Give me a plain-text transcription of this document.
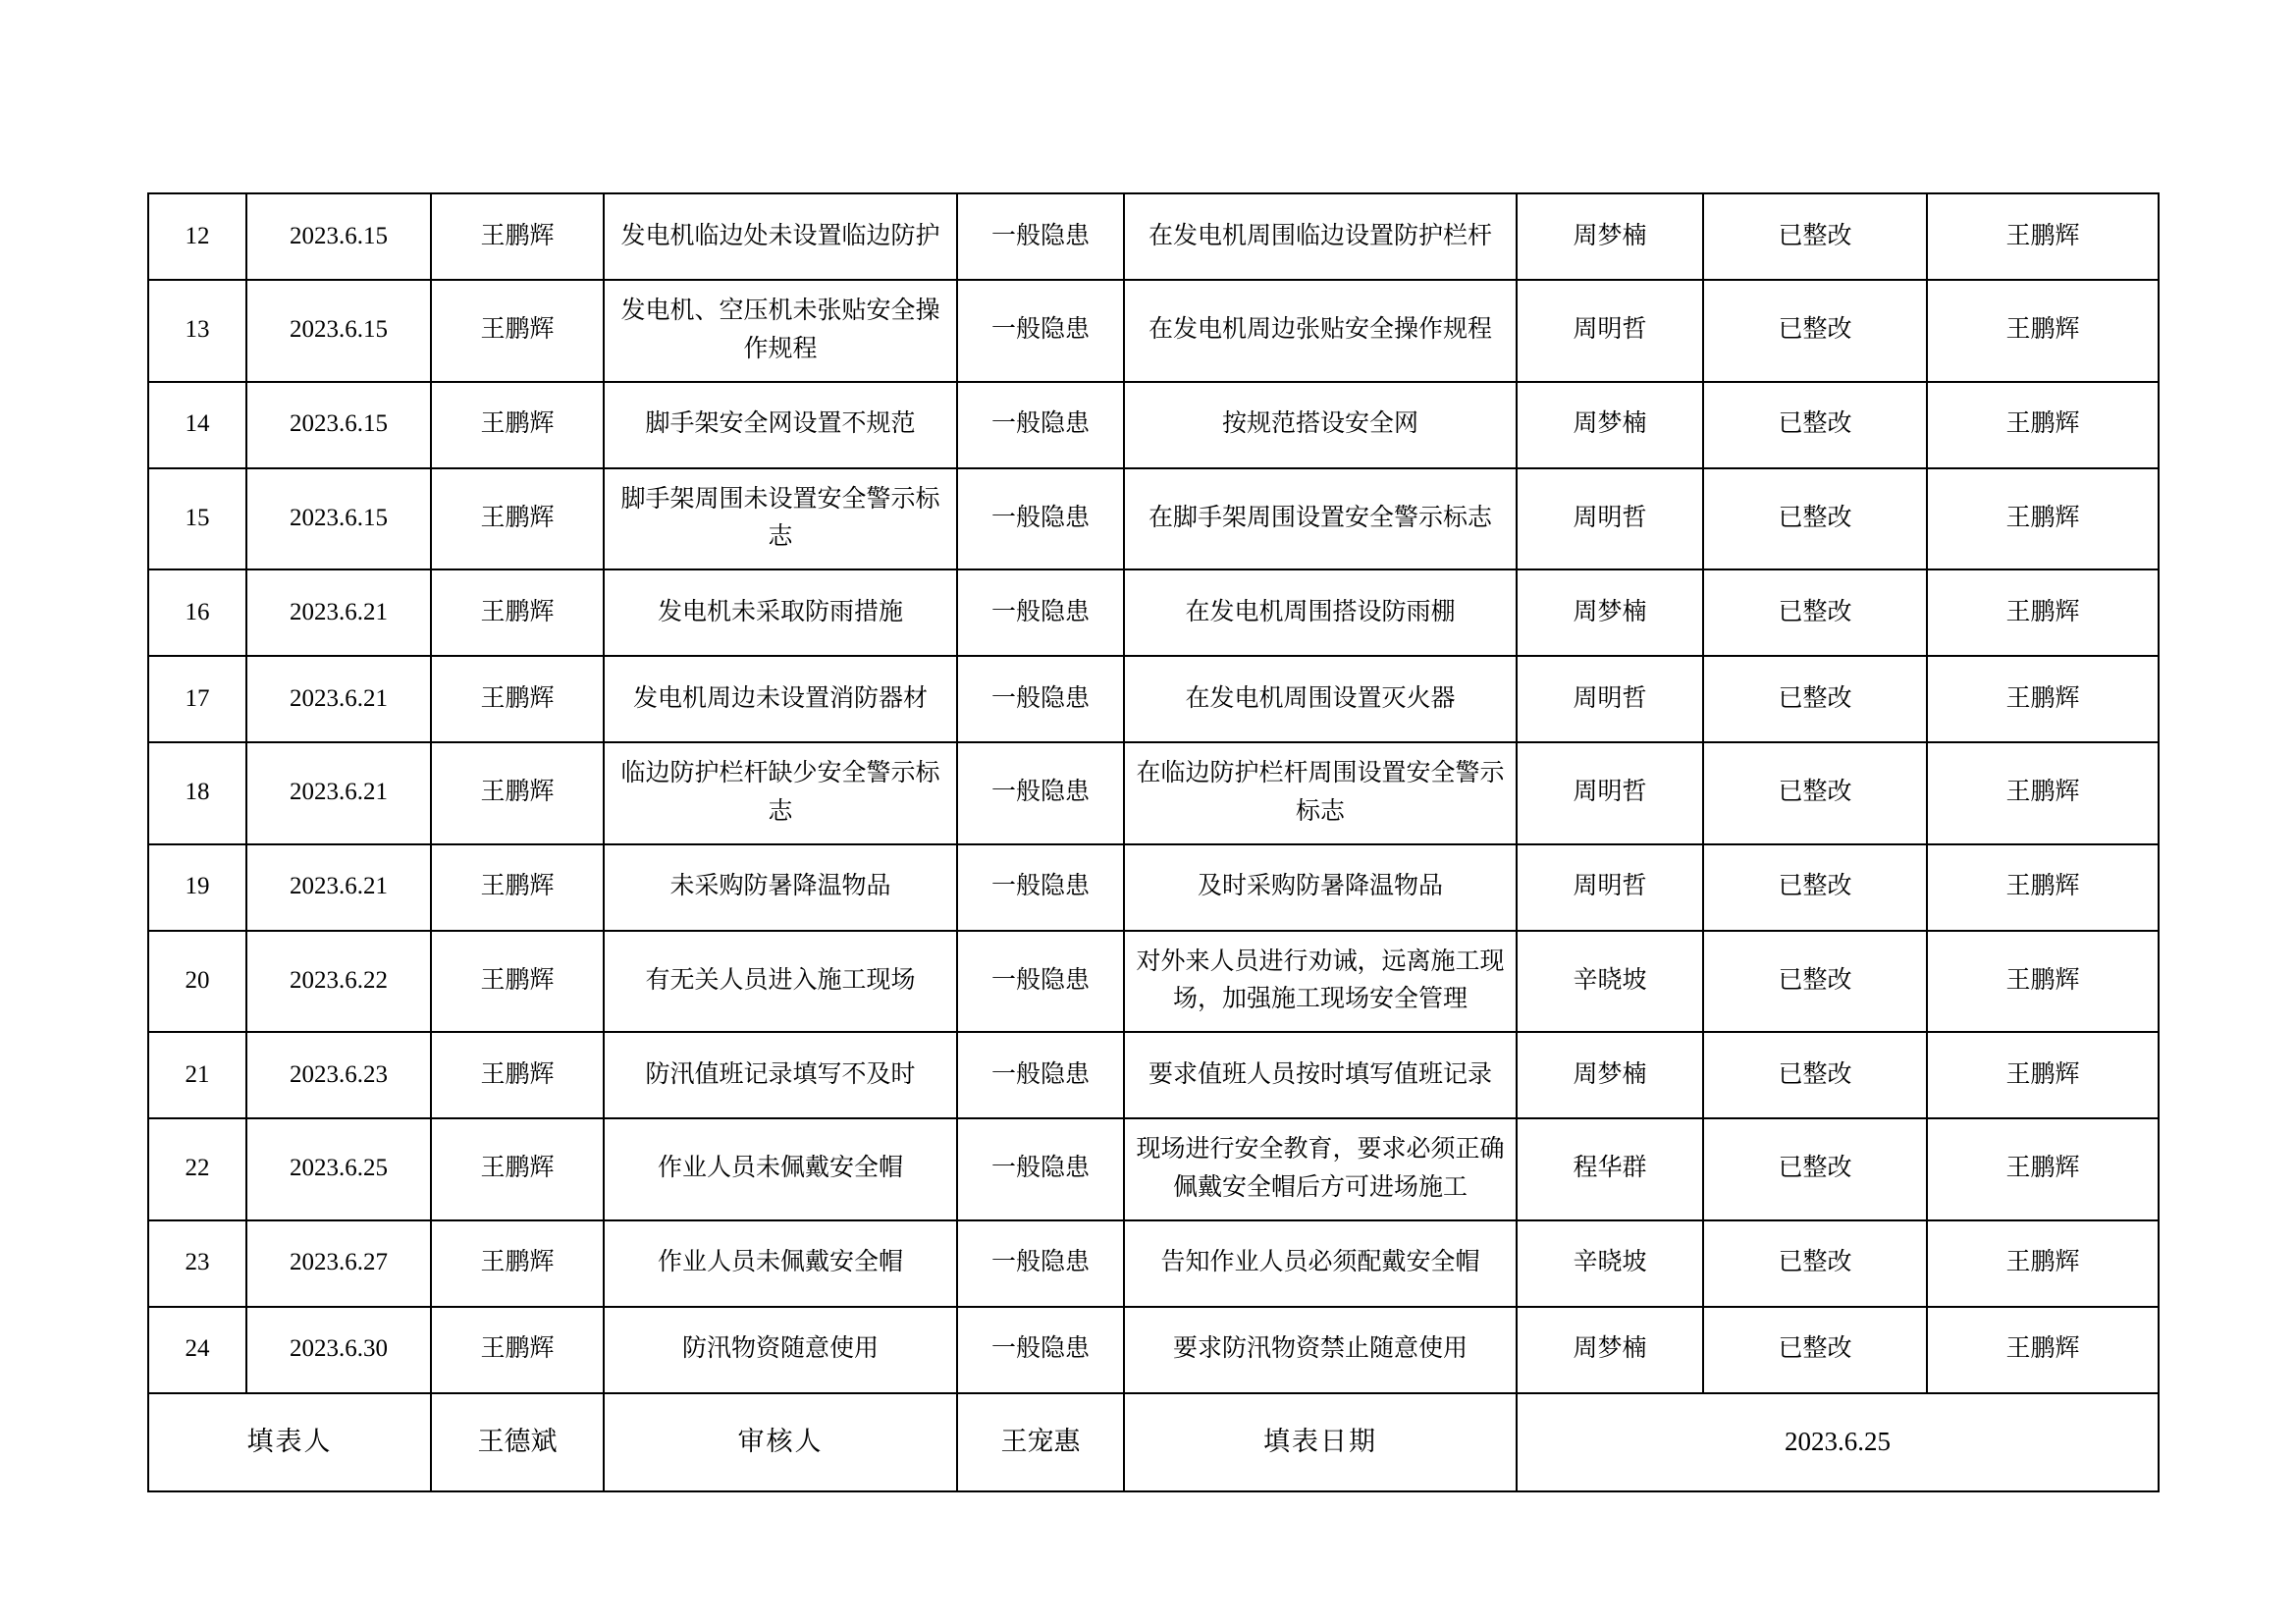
12	2023.6.15	王鹏辉	发电机临边处未设置临边防护	一般隐患	在发电机周围临边设置防护栏杆	周梦楠	已整改	王鹏辉
13	2023.6.15	王鹏辉	发电机、空压机未张贴安全操作规程	一般隐患	在发电机周边张贴安全操作规程	周明哲	已整改	王鹏辉
14	2023.6.15	王鹏辉	脚手架安全网设置不规范	一般隐患	按规范搭设安全网	周梦楠	已整改	王鹏辉
15	2023.6.15	王鹏辉	脚手架周围未设置安全警示标志	一般隐患	在脚手架周围设置安全警示标志	周明哲	已整改	王鹏辉
16	2023.6.21	王鹏辉	发电机未采取防雨措施	一般隐患	在发电机周围搭设防雨棚	周梦楠	已整改	王鹏辉
17	2023.6.21	王鹏辉	发电机周边未设置消防器材	一般隐患	在发电机周围设置灭火器	周明哲	已整改	王鹏辉
18	2023.6.21	王鹏辉	临边防护栏杆缺少安全警示标志	一般隐患	在临边防护栏杆周围设置安全警示标志	周明哲	已整改	王鹏辉
19	2023.6.21	王鹏辉	未采购防暑降温物品	一般隐患	及时采购防暑降温物品	周明哲	已整改	王鹏辉
20	2023.6.22	王鹏辉	有无关人员进入施工现场	一般隐患	对外来人员进行劝诫，远离施工现场，加强施工现场安全管理	辛晓坡	已整改	王鹏辉
21	2023.6.23	王鹏辉	防汛值班记录填写不及时	一般隐患	要求值班人员按时填写值班记录	周梦楠	已整改	王鹏辉
22	2023.6.25	王鹏辉	作业人员未佩戴安全帽	一般隐患	现场进行安全教育，要求必须正确佩戴安全帽后方可进场施工	程华群	已整改	王鹏辉
23	2023.6.27	王鹏辉	作业人员未佩戴安全帽	一般隐患	告知作业人员必须配戴安全帽	辛晓坡	已整改	王鹏辉
24	2023.6.30	王鹏辉	防汛物资随意使用	一般隐患	要求防汛物资禁止随意使用	周梦楠	已整改	王鹏辉
填表人		王德斌	审核人	王宠惠	填表日期	2023.6.25		
